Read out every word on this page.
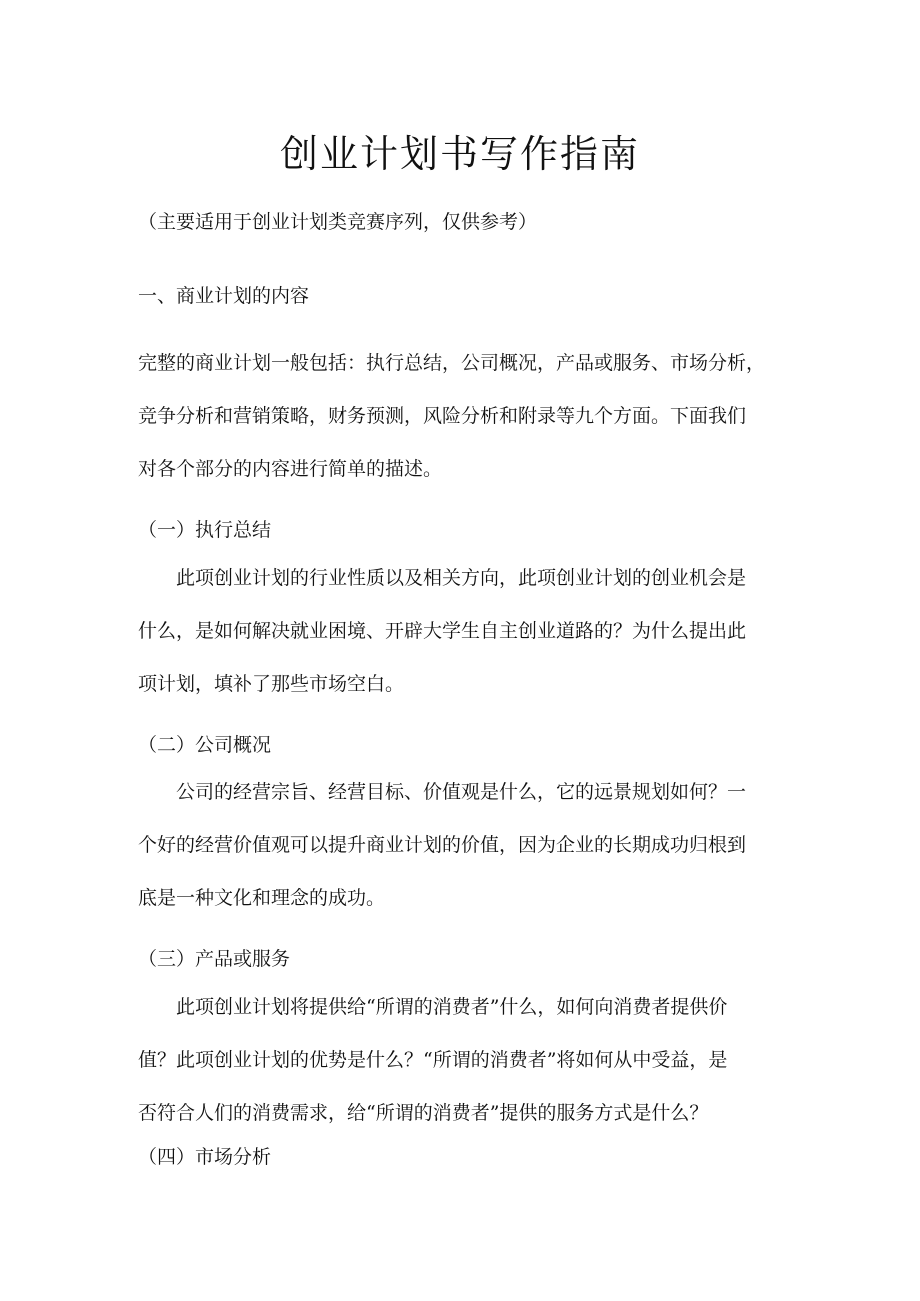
创业计划书写作指南
（主要适用于创业计划类竞赛序列，仅供参考）
一、商业计划的内容

完整的商业计划一般包括：执行总结，公司概况，产品或服务、市场分析，
竞争分析和营销策略，财务预测，风险分析和附录等九个方面。下面我们
对各个部分的内容进行简单的描述。

（一）执行总结

　　此项创业计划的行业性质以及相关方向，此项创业计划的创业机会是
什么，是如何解决就业困境、开辟大学生自主创业道路的？为什么提出此
项计划，填补了那些市场空白。

（二）公司概况

　　公司的经营宗旨、经营目标、价值观是什么，它的远景规划如何？一
个好的经营价值观可以提升商业计划的价值，因为企业的长期成功归根到
底是一种文化和理念的成功。

（三）产品或服务

　　此项创业计划将提供给“所谓的消费者”什么，如何向消费者提供价
值？此项创业计划的优势是什么？“所谓的消费者”将如何从中受益，是
否符合人们的消费需求，给“所谓的消费者”提供的服务方式是什么？

（四）市场分析
